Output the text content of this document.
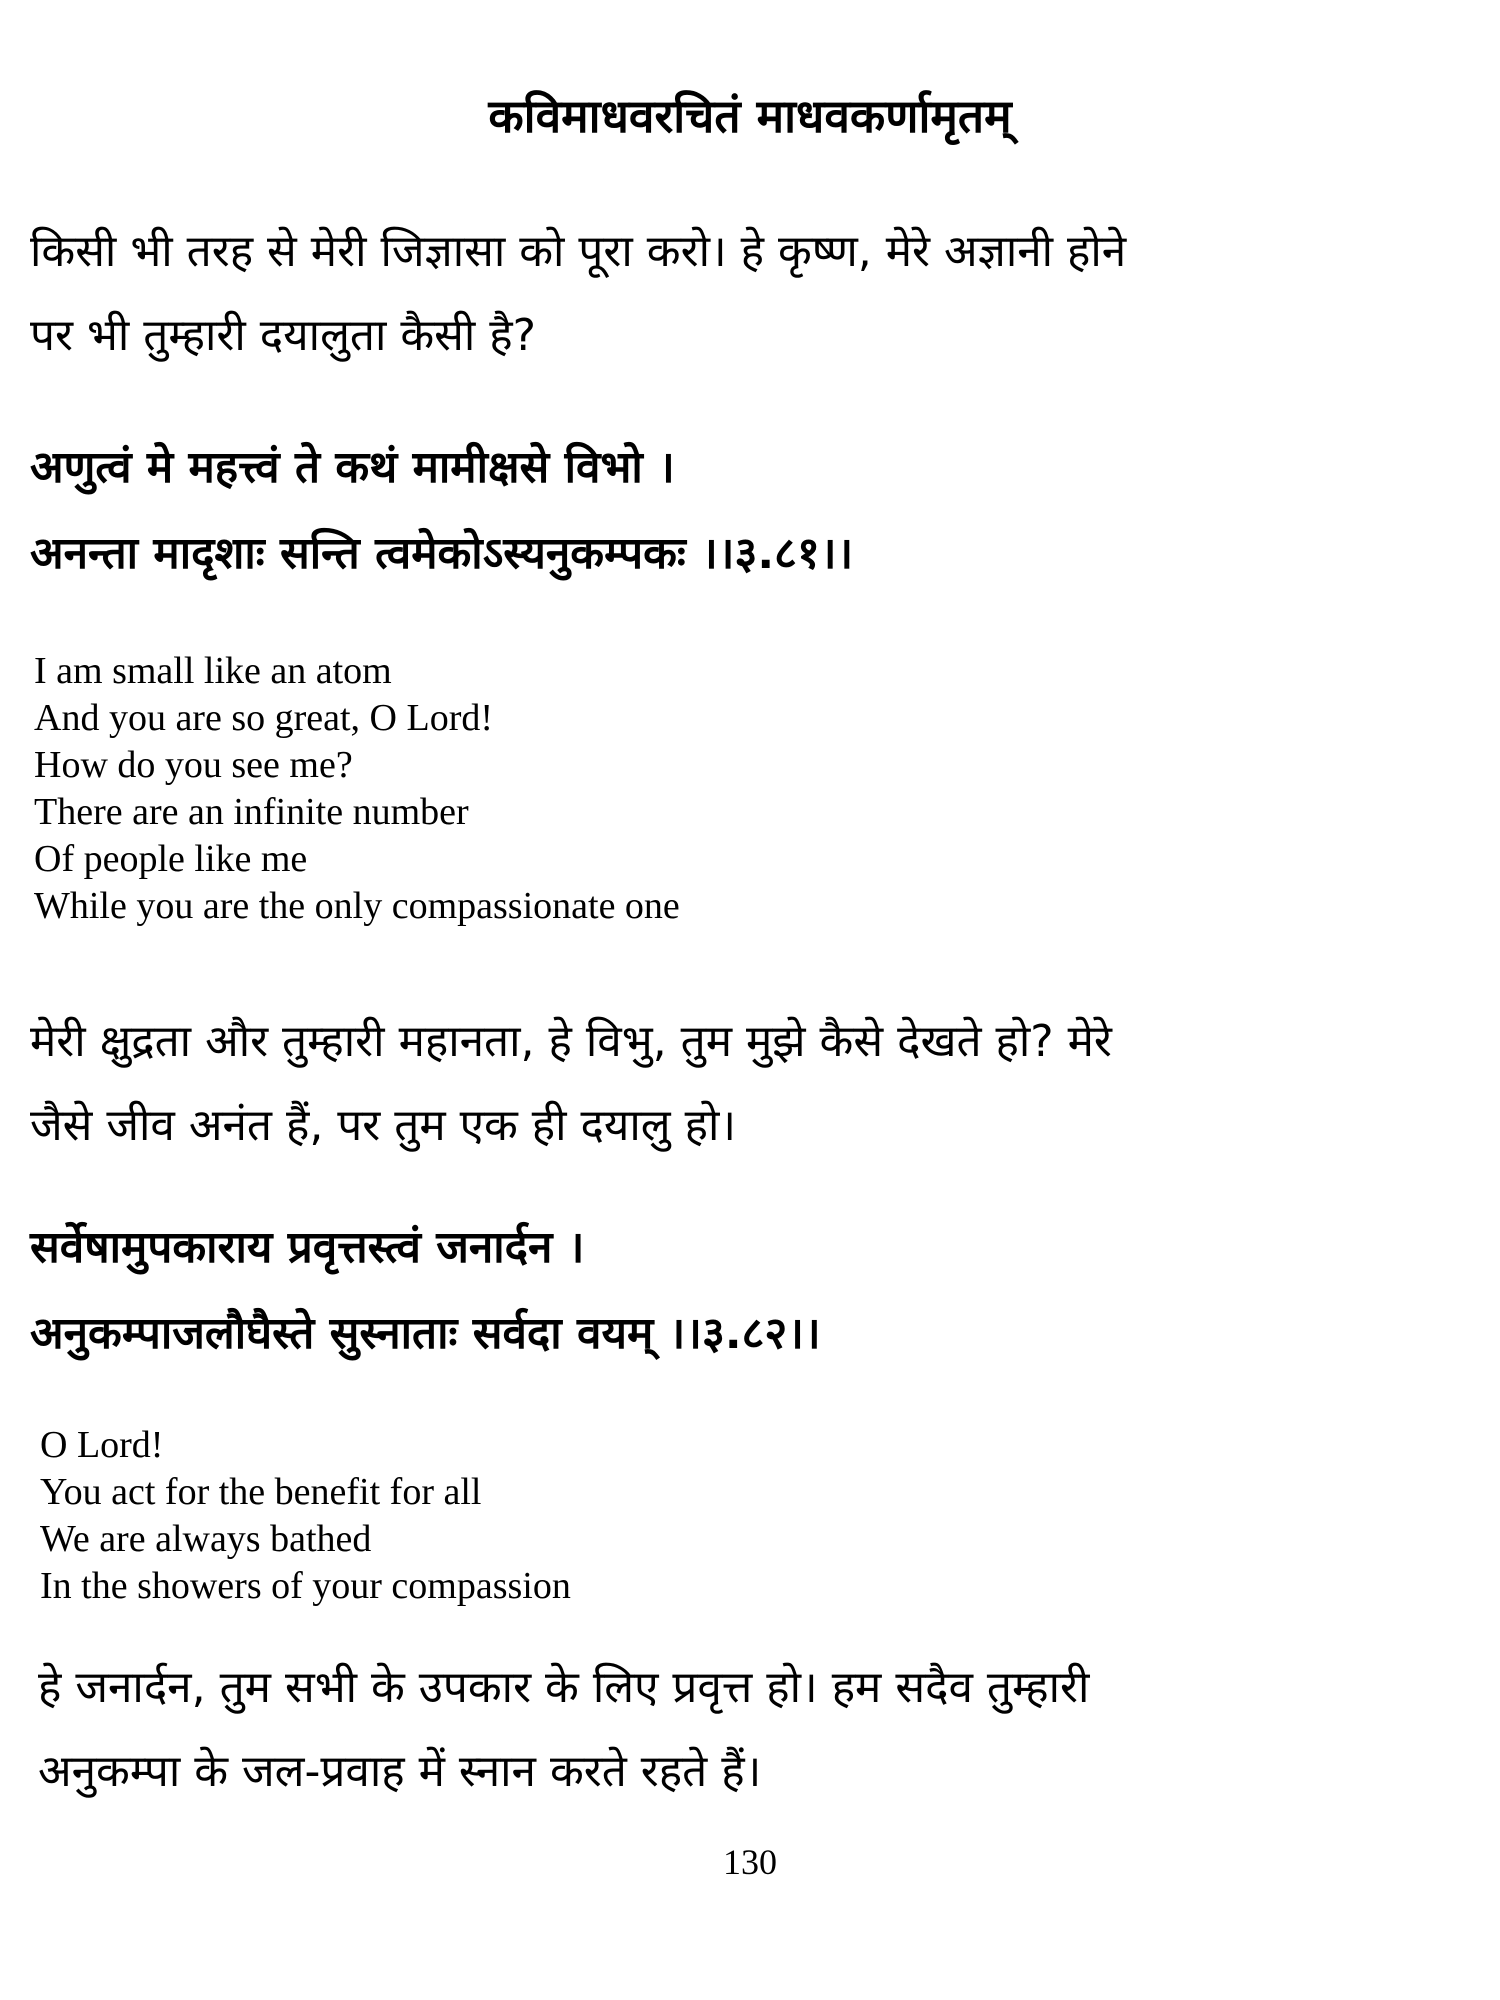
कविमाधवरचितं माधवकर्णामृतम्
किसी भी तरह से मेरी जिज्ञासा को पूरा करो। हे कृष्ण, मेरे अज्ञानी होने
पर भी तुम्हारी दयालुता कैसी है?
अणुत्वं मे महत्त्वं ते कथं मामीक्षसे विभो ।
अनन्ता मादृशाः सन्ति त्वमेकोऽस्यनुकम्पकः ।।३.८१।।
I am small like an atom
And you are so great, O Lord!
How do you see me?
There are an infinite number
Of people like me
While you are the only compassionate one
मेरी क्षुद्रता और तुम्हारी महानता, हे विभु, तुम मुझे कैसे देखते हो? मेरे
जैसे जीव अनंत हैं, पर तुम एक ही दयालु हो।
सर्वेषामुपकाराय प्रवृत्तस्त्वं जनार्दन ।
अनुकम्पाजलौघैस्ते सुस्नाताः सर्वदा वयम् ।।३.८२।।
O Lord!
You act for the benefit for all
We are always bathed
In the showers of your compassion
हे जनार्दन, तुम सभी के उपकार के लिए प्रवृत्त हो। हम सदैव तुम्हारी
अनुकम्पा के जल-प्रवाह में स्नान करते रहते हैं।
130
